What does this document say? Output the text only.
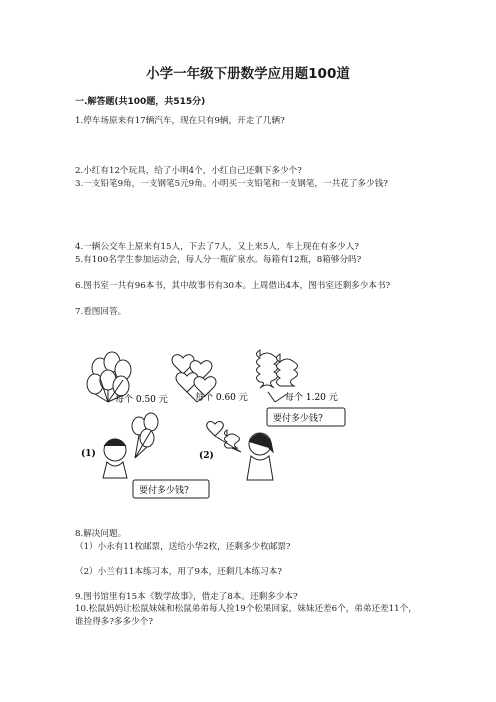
小学一年级下册数学应用题100道
一.解答题(共100题，共515分)
1.停车场原来有17辆汽车，现在只有9辆，开走了几辆?
2.小红有12个玩具，给了小明4个，小红自己还剩下多少个?
3.一支铅笔9角，一支钢笔5元9角。小明买一支铅笔和一支钢笔，一共花了多少钱?
4.一辆公交车上原来有15人，下去了7人，又上来5人，车上现在有多少人?
5.有100名学生参加运动会，每人分一瓶矿泉水。每箱有12瓶，8箱够分吗?
6.图书室一共有96本书，其中故事书有30本。上周借出4本，图书室还剩多少本书?
7.看图回答。
每个 0.50 元	每个 0.60 元	每个 1.20 元
要付多少钱?
(1)	(2)
要付多少钱?
8.解决问题。
（1）小永有11枚邮票，送给小华2枚，还剩多少枚邮票?
（2）小兰有11本练习本，用了9本，还剩几本练习本?
9.图书馆里有15本《数学故事》，借走了8本。还剩多少本?
10.松鼠妈妈让松鼠妹妹和松鼠弟弟每人捡19个松果回家，妹妹还差6个，弟弟还差11个，谁捡得多?多多少个?
